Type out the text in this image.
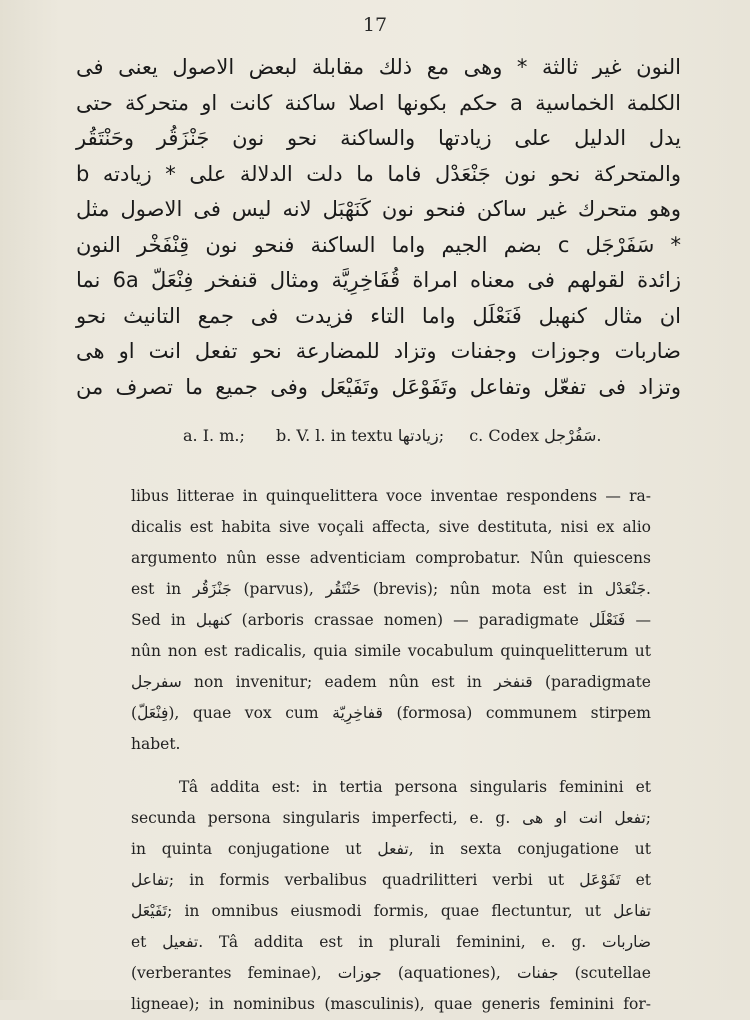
17
النون غير ثالثة * وهى مع ذلك مقابلة لبعض الاصول يعنى فى
الكلمة الخماسية a حكم بكونها اصلا ساكنة كانت او متحركة حتى
يدل الدليل على زيادتها والساكنة نحو نون جَنْزَقُر وحَنْتَقُر
والمتحركة نحو نون جَنْعَدْل فاما ما دلت الدلالة على * زيادته b
وهو متحرك غير ساكن فنحو نون كَنَهْبَل لانه ليس فى الاصول مثل
* سَفَرْجَل c بضم الجيم واما الساكنة فنحو نون قِنْفَخْر النون
زائدة لقولهم فى معناه امراة قُفَاخِرِيَّة ومثال قنفخر فِنْعَلّ 6a نما
ان مثال كنهبل فَنَعْلَل واما التاء فزيدت فى جمع التانيث نحو
ضاربات وجوزات وجفنات وتزاد للمضارعة نحو تفعل انت او هى
وتزاد فى تفعّل وتفاعل وتَفَوْعَل وتَفَيْعَل وفى جميع ما تصرف من
a. I. m.; b. V. l. in textu زيادتها; c. Codex سَفُرْجل.
libus litterae in quinquelittera voce inventae respondens — ra-
dicalis est habita sive voçali affecta, sive destituta, nisi ex alio
argumento nûn esse adventiciam comprobatur. Nûn quiescens
est in جَنْزَقُر (parvus), حَنْتَقُر (brevis); nûn mota est in جَنْعَدْل.
Sed in كنهبل (arboris crassae nomen) — paradigmate فَنَعْلَل —
nûn non est radicalis, quia simile vocabulum quinquelitterum ut
سفرجل non invenitur; eadem nûn est in قنفخر (paradigmate
(فِنْعَلّ), quae vox cum قفاخِرِيّة (formosa) communem stirpem
habet.
Tâ addita est: in tertia persona singularis feminini et
secunda persona singularis imperfecti, e. g. تفعل انت او هى;
in quinta conjugatione ut تفعل, in sexta conjugatione ut
تفاعل; in formis verbalibus quadrilitteri verbi ut تَفَوْعَل et
تَفَيْعَل; in omnibus eiusmodi formis, quae flectuntur, ut تفاعل
et تفعيل. Tâ addita est in plurali feminini, e. g. ضاربات
(verberantes feminae), جوزات (aquationes), جفنات (scutellae
ligneae); in nominibus (masculinis), quae generis feminini for-
